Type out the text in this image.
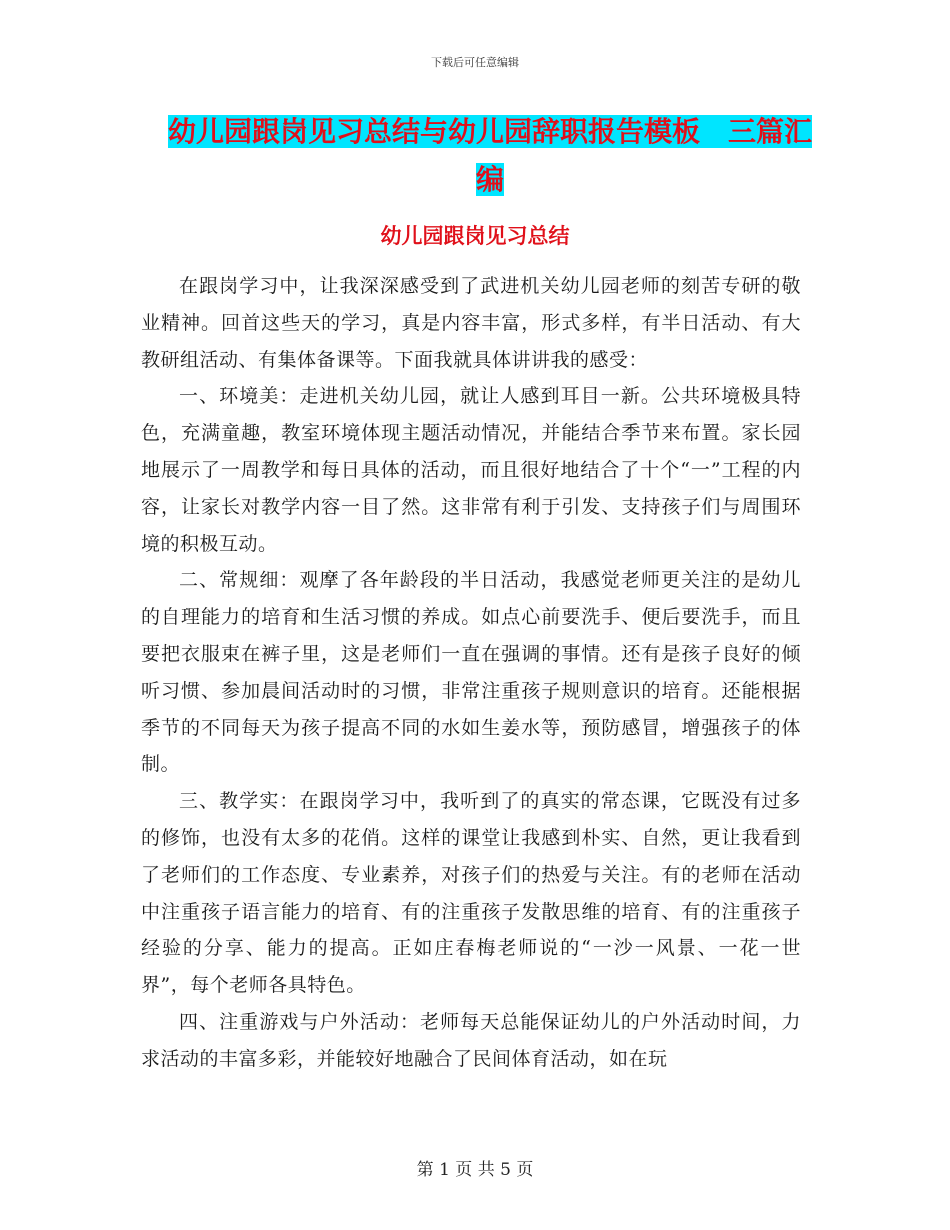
下载后可任意编辑
幼儿园跟岗见习总结与幼儿园辞职报告模板　三篇汇
编
幼儿园跟岗见习总结

在跟岗学习中，让我深深感受到了武进机关幼儿园老师的刻苦专研的敬业精神。回首这些天的学习，真是内容丰富，形式多样，有半日活动、有大教研组活动、有集体备课等。下面我就具体讲讲我的感受：

一、环境美：走进机关幼儿园，就让人感到耳目一新。公共环境极具特色，充满童趣，教室环境体现主题活动情况，并能结合季节来布置。家长园地展示了一周教学和每日具体的活动，而且很好地结合了十个“一”工程的内容，让家长对教学内容一目了然。这非常有利于引发、支持孩子们与周围环境的积极互动。

二、常规细：观摩了各年龄段的半日活动，我感觉老师更关注的是幼儿的自理能力的培育和生活习惯的养成。如点心前要洗手、便后要洗手，而且要把衣服束在裤子里，这是老师们一直在强调的事情。还有是孩子良好的倾听习惯、参加晨间活动时的习惯，非常注重孩子规则意识的培育。还能根据季节的不同每天为孩子提高不同的水如生姜水等，预防感冒，增强孩子的体制。

三、教学实：在跟岗学习中，我听到了的真实的常态课，它既没有过多的修饰，也没有太多的花俏。这样的课堂让我感到朴实、自然，更让我看到了老师们的工作态度、专业素养，对孩子们的热爱与关注。有的老师在活动中注重孩子语言能力的培育、有的注重孩子发散思维的培育、有的注重孩子经验的分享、能力的提高。正如庄春梅老师说的“一沙一风景、一花一世界”，每个老师各具特色。

四、注重游戏与户外活动：老师每天总能保证幼儿的户外活动时间，力求活动的丰富多彩，并能较好地融合了民间体育活动，如在玩

第 1 页 共 5 页
